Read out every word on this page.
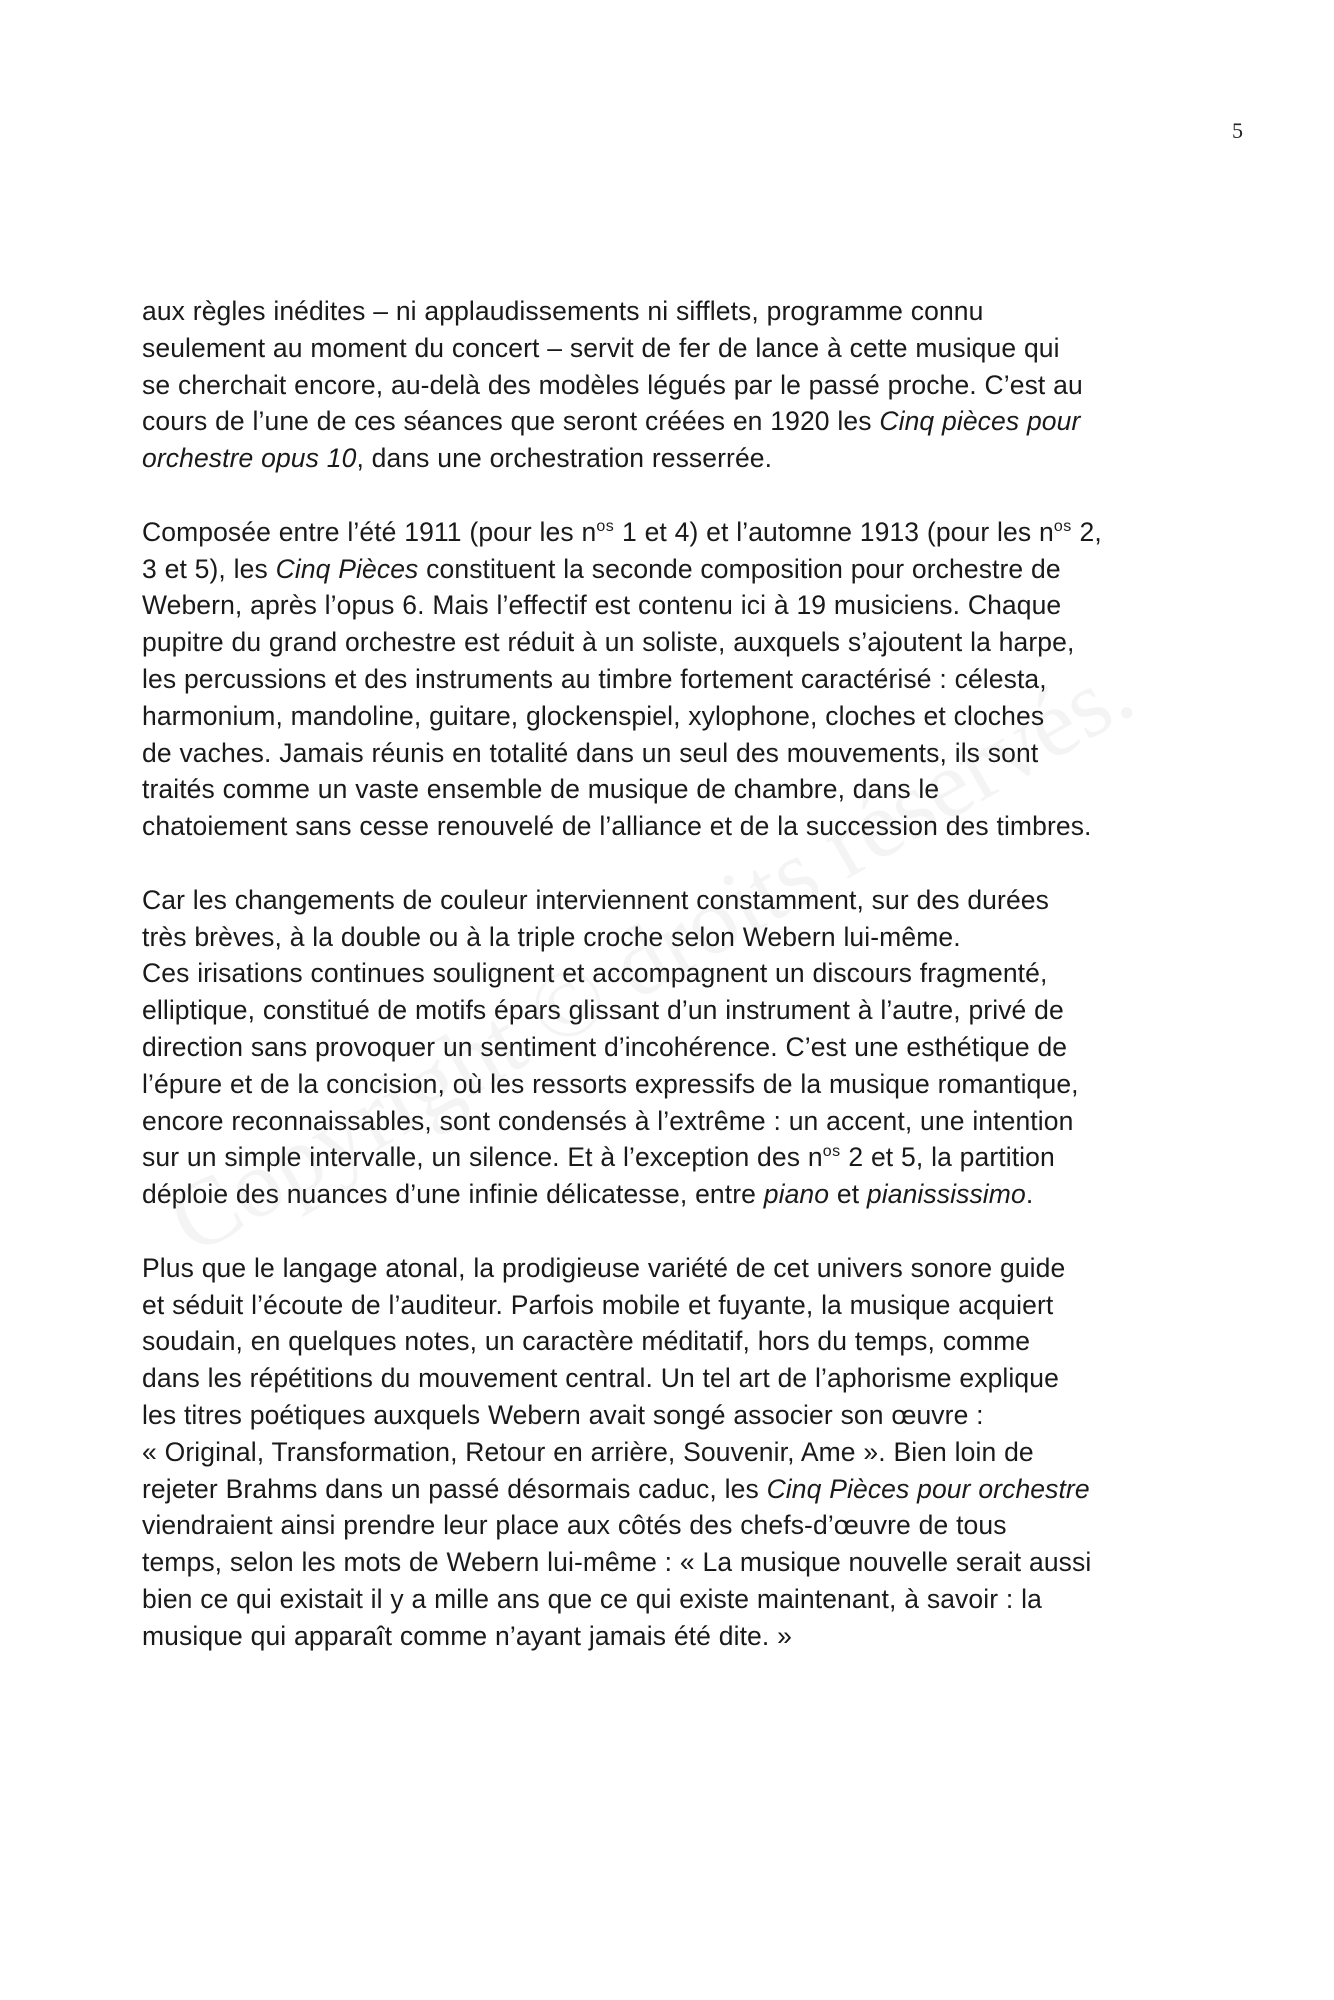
5

aux règles inédites – ni applaudissements ni sifflets, programme connu
seulement au moment du concert – servit de fer de lance à cette musique qui
se cherchait encore, au-delà des modèles légués par le passé proche. C’est au
cours de l’une de ces séances que seront créées en 1920 les Cinq pièces pour
orchestre opus 10, dans une orchestration resserrée.

Composée entre l’été 1911 (pour les $n^{os}$ 1 et 4) et l’automne 1913 (pour les $n^{os}$ 2,
3 et 5), les Cinq Pièces constituent la seconde composition pour orchestre de
Webern, après l’opus 6. Mais l’effectif est contenu ici à 19 musiciens. Chaque
pupitre du grand orchestre est réduit à un soliste, auxquels s’ajoutent la harpe,
les percussions et des instruments au timbre fortement caractérisé : célesta,
harmonium, mandoline, guitare, glockenspiel, xylophone, cloches et cloches
de vaches. Jamais réunis en totalité dans un seul des mouvements, ils sont
traités comme un vaste ensemble de musique de chambre, dans le
chatoiement sans cesse renouvelé de l’alliance et de la succession des timbres.

Car les changements de couleur interviennent constamment, sur des durées
très brèves, à la double ou à la triple croche selon Webern lui-même.
Ces irisations continues soulignent et accompagnent un discours fragmenté,
elliptique, constitué de motifs épars glissant d’un instrument à l’autre, privé de
direction sans provoquer un sentiment d’incohérence. C’est une esthétique de
l’épure et de la concision, où les ressorts expressifs de la musique romantique,
encore reconnaissables, sont condensés à l’extrême : un accent, une intention
sur un simple intervalle, un silence. Et à l’exception des $n^{os}$ 2 et 5, la partition
déploie des nuances d’une infinie délicatesse, entre piano et pianississimo.

Plus que le langage atonal, la prodigieuse variété de cet univers sonore guide
et séduit l’écoute de l’auditeur. Parfois mobile et fuyante, la musique acquiert
soudain, en quelques notes, un caractère méditatif, hors du temps, comme
dans les répétitions du mouvement central. Un tel art de l’aphorisme explique
les titres poétiques auxquels Webern avait songé associer son œuvre :
« Original, Transformation, Retour en arrière, Souvenir, Ame ». Bien loin de
rejeter Brahms dans un passé désormais caduc, les Cinq Pièces pour orchestre
viendraient ainsi prendre leur place aux côtés des chefs-d’œuvre de tous
temps, selon les mots de Webern lui-même : « La musique nouvelle serait aussi
bien ce qui existait il y a mille ans que ce qui existe maintenant, à savoir : la
musique qui apparaît comme n’ayant jamais été dite. »
